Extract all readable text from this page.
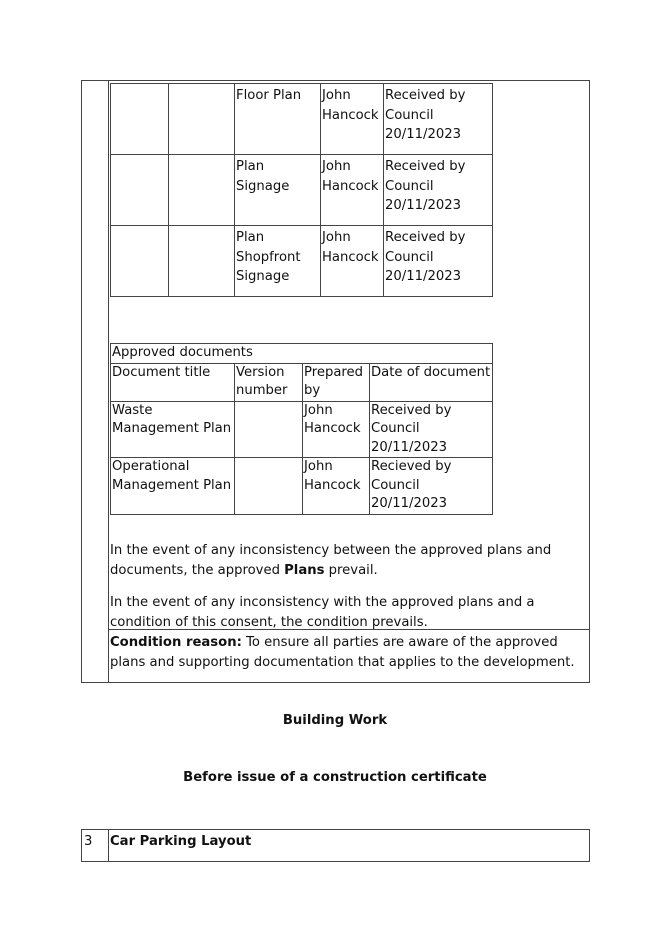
		Floor Plan	John Hancock	Received by Council 20/11/2023
		Plan Signage	John Hancock	Received by Council 20/11/2023
		Plan Shopfront Signage	John Hancock	Received by Council 20/11/2023
Approved documents			
Document title	Version number	Prepared by	Date of document
Waste Management Plan		John Hancock	Received by Council 20/11/2023
Operational Management Plan		John Hancock	Recieved by Council 20/11/2023
In the event of any inconsistency between the approved plans and documents, the approved Plans prevail.
In the event of any inconsistency with the approved plans and a condition of this consent, the condition prevails.
Condition reason: To ensure all parties are aware of the approved plans and supporting documentation that applies to the development.
Building Work
Before issue of a construction certificate
3 Car Parking Layout
